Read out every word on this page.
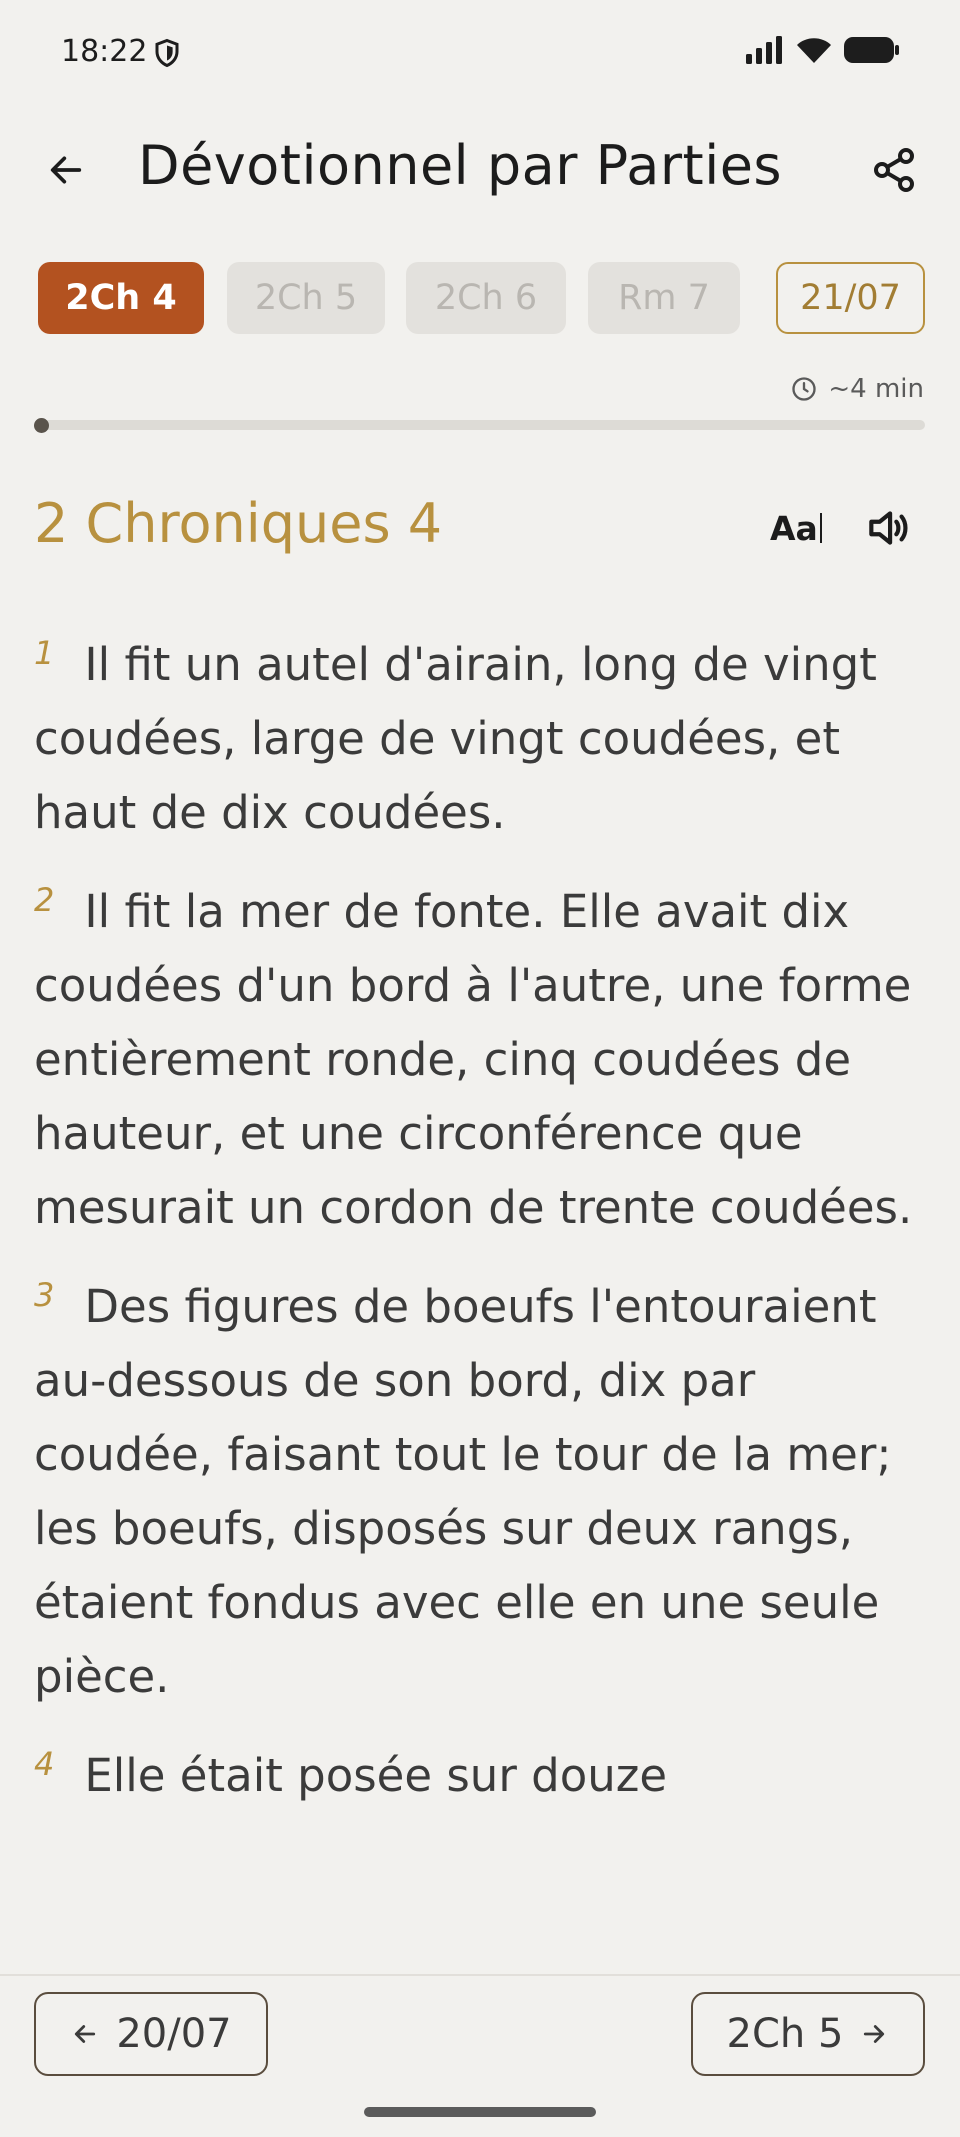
18:22
Dévotionnel par Parties
2Ch 4	2Ch 5	2Ch 6	Rm 7	21/07
~4 min
2 Chroniques 4	Aa

1 Il fit un autel d'airain, long de vingt coudées, large de vingt coudées, et haut de dix coudées.

2 Il fit la mer de fonte. Elle avait dix coudées d'un bord à l'autre, une forme entièrement ronde, cinq coudées de hauteur, et une circonférence que mesurait un cordon de trente coudées.

3 Des figures de boeufs l'entouraient au-dessous de son bord, dix par coudée, faisant tout le tour de la mer; les boeufs, disposés sur deux rangs, étaient fondus avec elle en une seule pièce.

4 Elle était posée sur douze

20/07	2Ch 5
